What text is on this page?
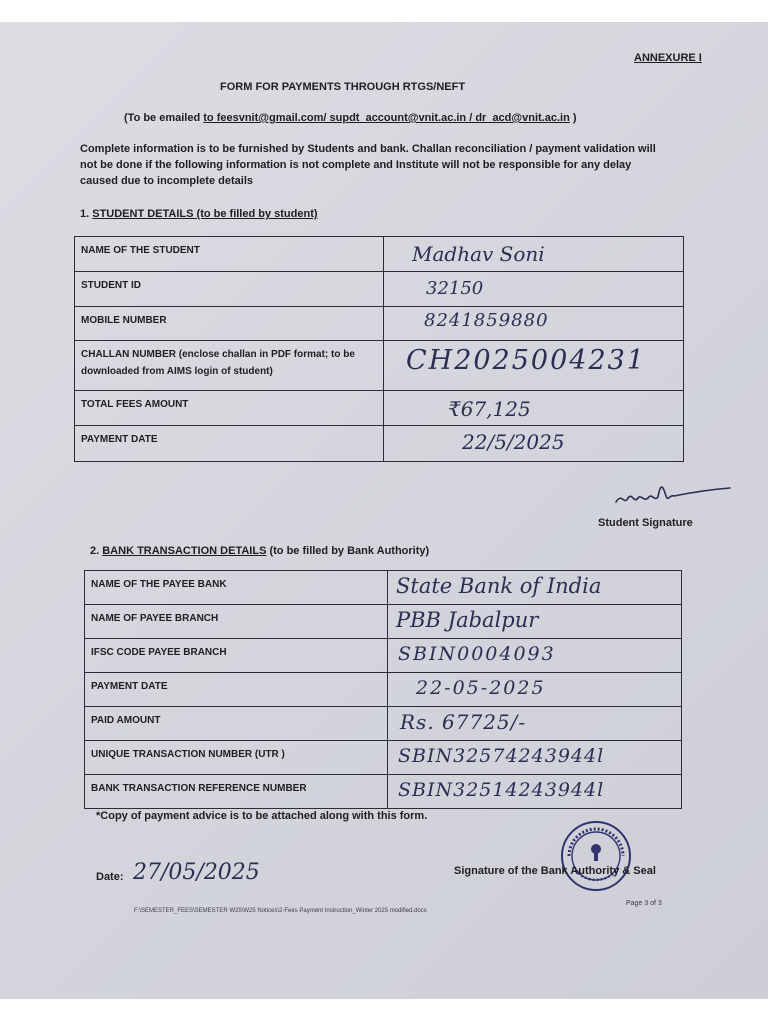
ANNEXURE I
FORM FOR PAYMENTS THROUGH RTGS/NEFT
(To be emailed to feesvnit@gmail.com/ supdt_account@vnit.ac.in / dr_acd@vnit.ac.in )
Complete information is to be furnished by Students and bank. Challan reconciliation / payment validation will not be done if the following information is not complete and Institute will not be responsible for any delay caused due to incomplete details
1. STUDENT DETAILS (to be filled by student)
NAME OF THE STUDENT	Madhav Soni

STUDENT ID	32150

MOBILE NUMBER	8241859880

CHALLAN NUMBER (enclose challan in PDF format; to be downloaded from AIMS login of student)	CH2025004231

TOTAL FEES AMOUNT	₹67,125

PAYMENT DATE	22/5/2025
Student Signature
2. BANK TRANSACTION DETAILS (to be filled by Bank Authority)
NAME OF THE PAYEE BANK	State Bank of India

NAME OF PAYEE BRANCH	PBB Jabalpur

IFSC CODE PAYEE BRANCH	SBIN0004093

PAYMENT DATE	22-05-2025

PAID AMOUNT	Rs. 67725/-

UNIQUE TRANSACTION NUMBER (UTR )	SBIN32574243944l

BANK TRANSACTION REFERENCE NUMBER	SBIN32514243944l
*Copy of payment advice is to be attached along with this form.
Date: 27/05/2025	Signature of the Bank Authority & Seal
F:\SEMESTER_FEES\SEMESTER W25\W25 Notices\2-Fees Payment Instruction_Winter 2025 modified.docx
Page 3 of 3
